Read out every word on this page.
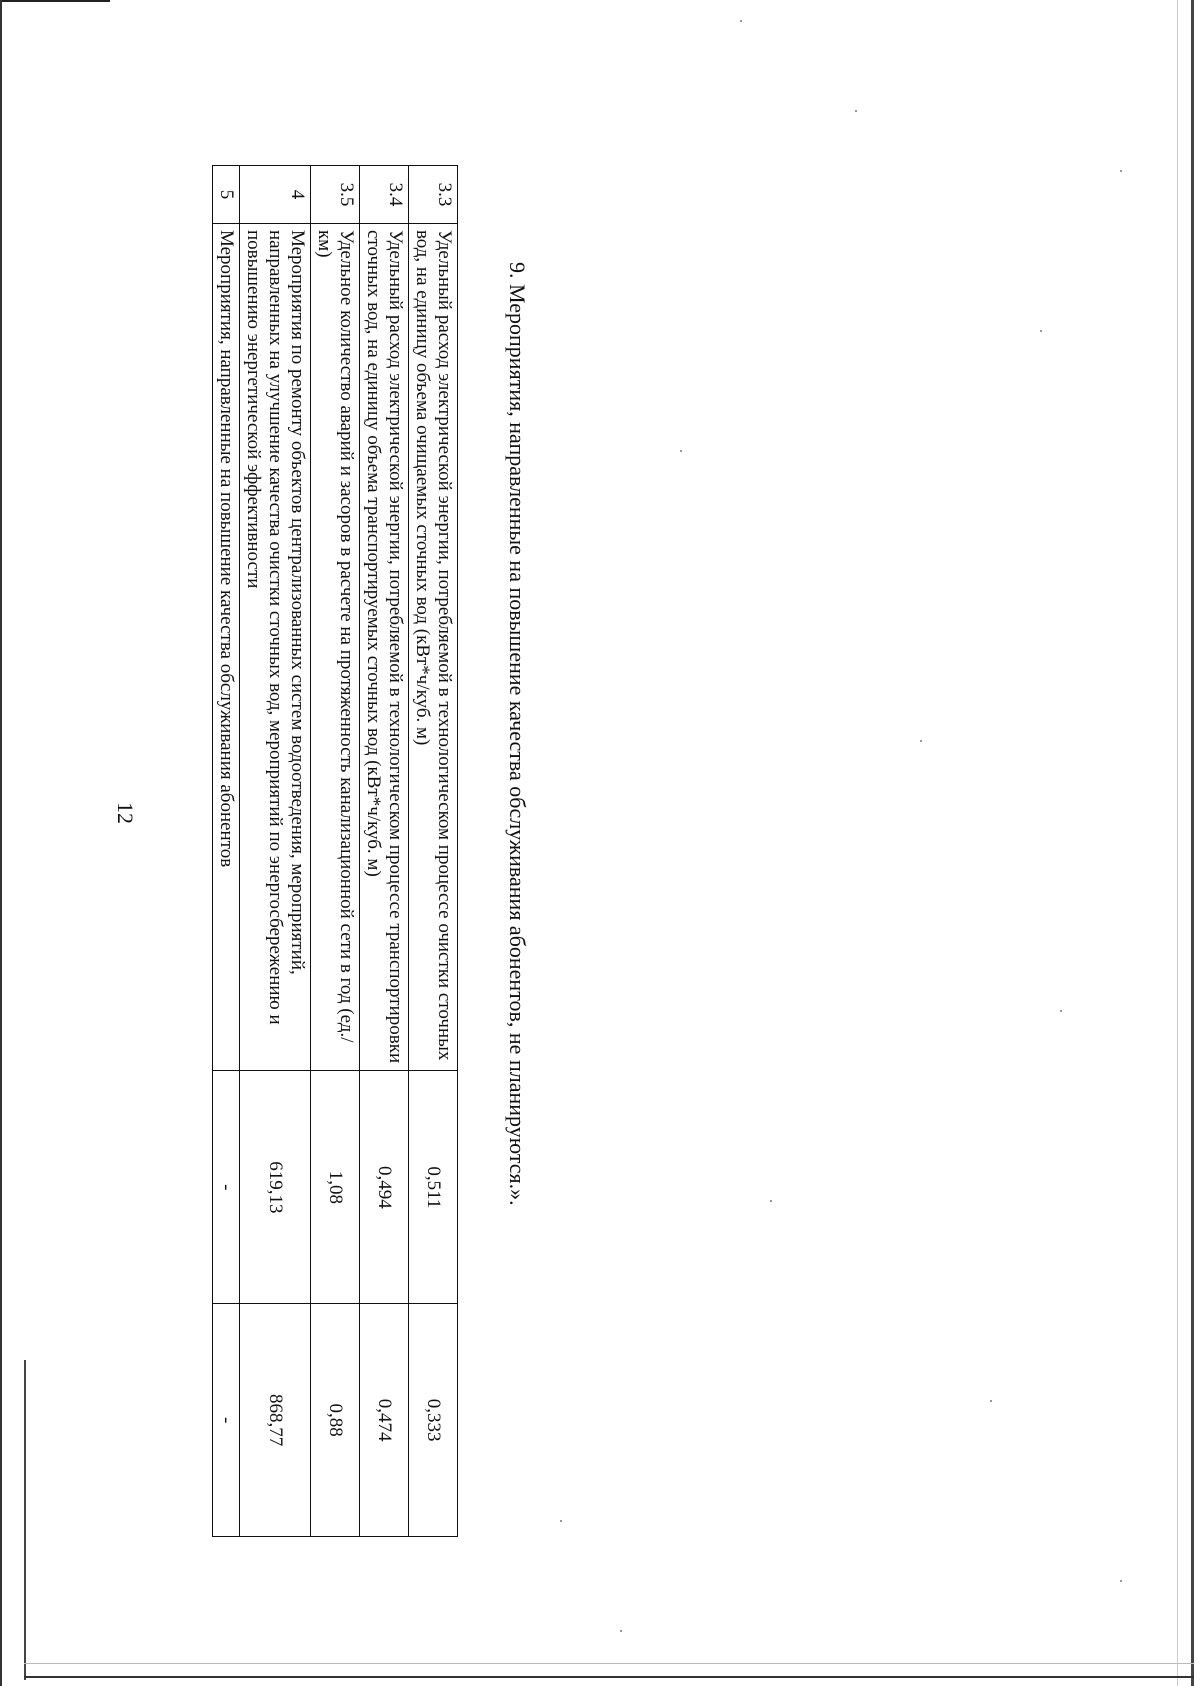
12
3.3	Удельный расход электрической энергии, потребляемой в технологическом процессе очистки сточных вод, на единицу объема очищаемых сточных вод (кВт*ч/куб. м)	0,511	0,333
3.4	Удельный расход электрической энергии, потребляемой в технологическом процессе транспортировки сточных вод, на единицу объема транспортируемых сточных вод (кВт*ч/куб. м)	0,494	0,474
3.5	Удельное количество аварий и засоров в расчете на протяженность канализационной сети в год (ед./км)	1,08	0,88
4	Мероприятия по ремонту объектов централизованных систем водоотведения, мероприятий, направленных на улучшение качества очистки сточных вод, мероприятий по энергосбережению и повышению энергетической эффективности	619,13	868,77
5	Мероприятия, направленные на повышение качества обслуживания абонентов	-	-
9. Мероприятия, направленные на повышение качества обслуживания абонентов, не планируются.».
